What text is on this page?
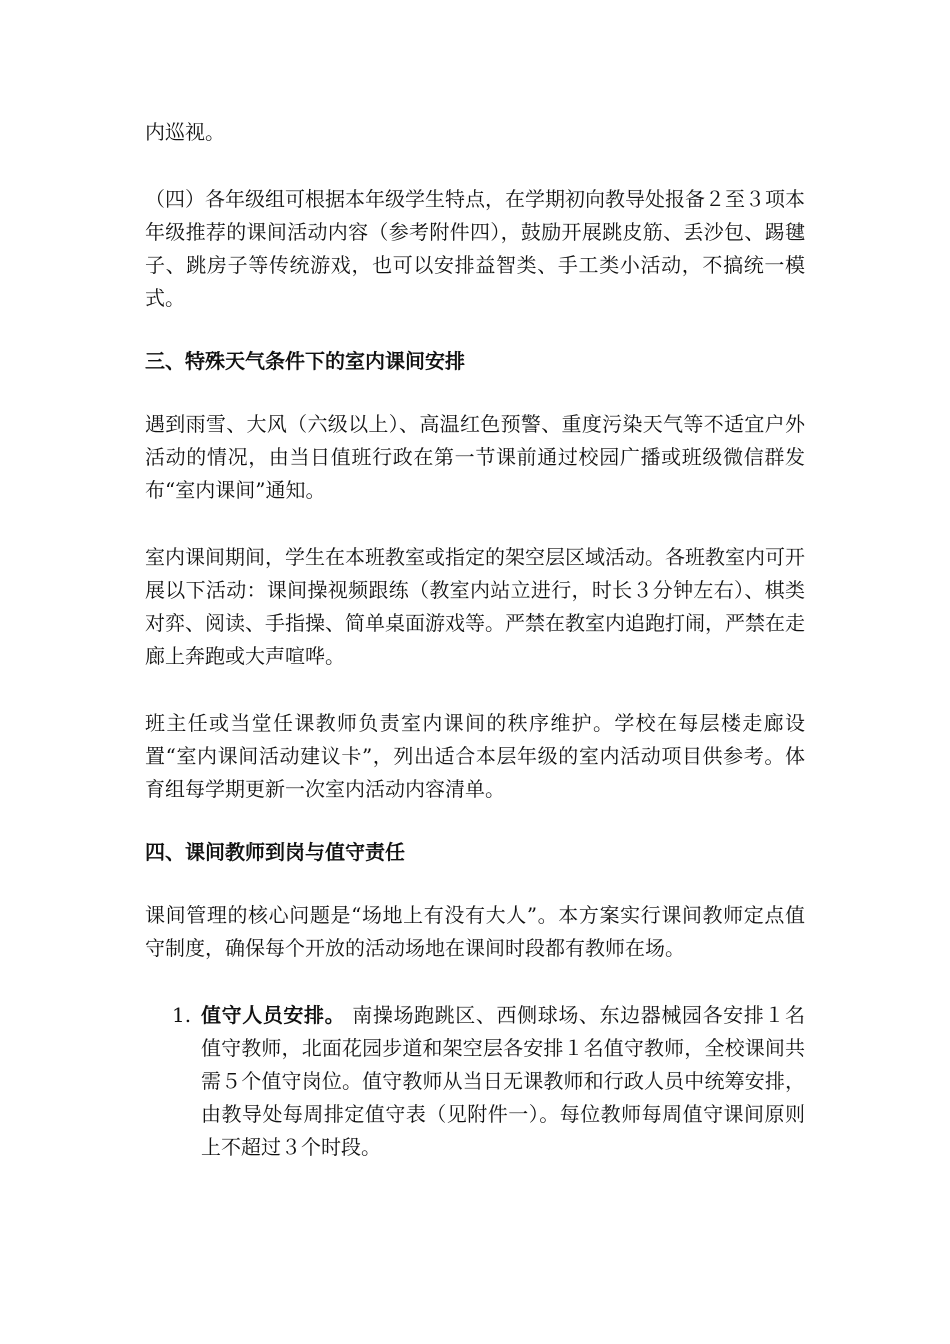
内巡视。

（四）各年级组可根据本年级学生特点，在学期初向教导处报备２至３项本年级推荐的课间活动内容（参考附件四），鼓励开展跳皮筋、丢沙包、踢毽子、跳房子等传统游戏，也可以安排益智类、手工类小活动，不搞统一模式。

三、特殊天气条件下的室内课间安排

遇到雨雪、大风（六级以上）、高温红色预警、重度污染天气等不适宜户外活动的情况，由当日值班行政在第一节课前通过校园广播或班级微信群发布“室内课间”通知。

室内课间期间，学生在本班教室或指定的架空层区域活动。各班教室内可开展以下活动：课间操视频跟练（教室内站立进行，时长３分钟左右）、棋类对弈、阅读、手指操、简单桌面游戏等。严禁在教室内追跑打闹，严禁在走廊上奔跑或大声喧哗。

班主任或当堂任课教师负责室内课间的秩序维护。学校在每层楼走廊设置“室内课间活动建议卡”，列出适合本层年级的室内活动项目供参考。体育组每学期更新一次室内活动内容清单。

四、课间教师到岗与值守责任

课间管理的核心问题是“场地上有没有大人”。本方案实行课间教师定点值守制度，确保每个开放的活动场地在课间时段都有教师在场。

1. 值守人员安排。 南操场跑跳区、西侧球场、东边器械园各安排１名值守教师，北面花园步道和架空层各安排１名值守教师，全校课间共需５个值守岗位。值守教师从当日无课教师和行政人员中统筹安排，由教导处每周排定值守表（见附件一）。每位教师每周值守课间原则上不超过３个时段。
